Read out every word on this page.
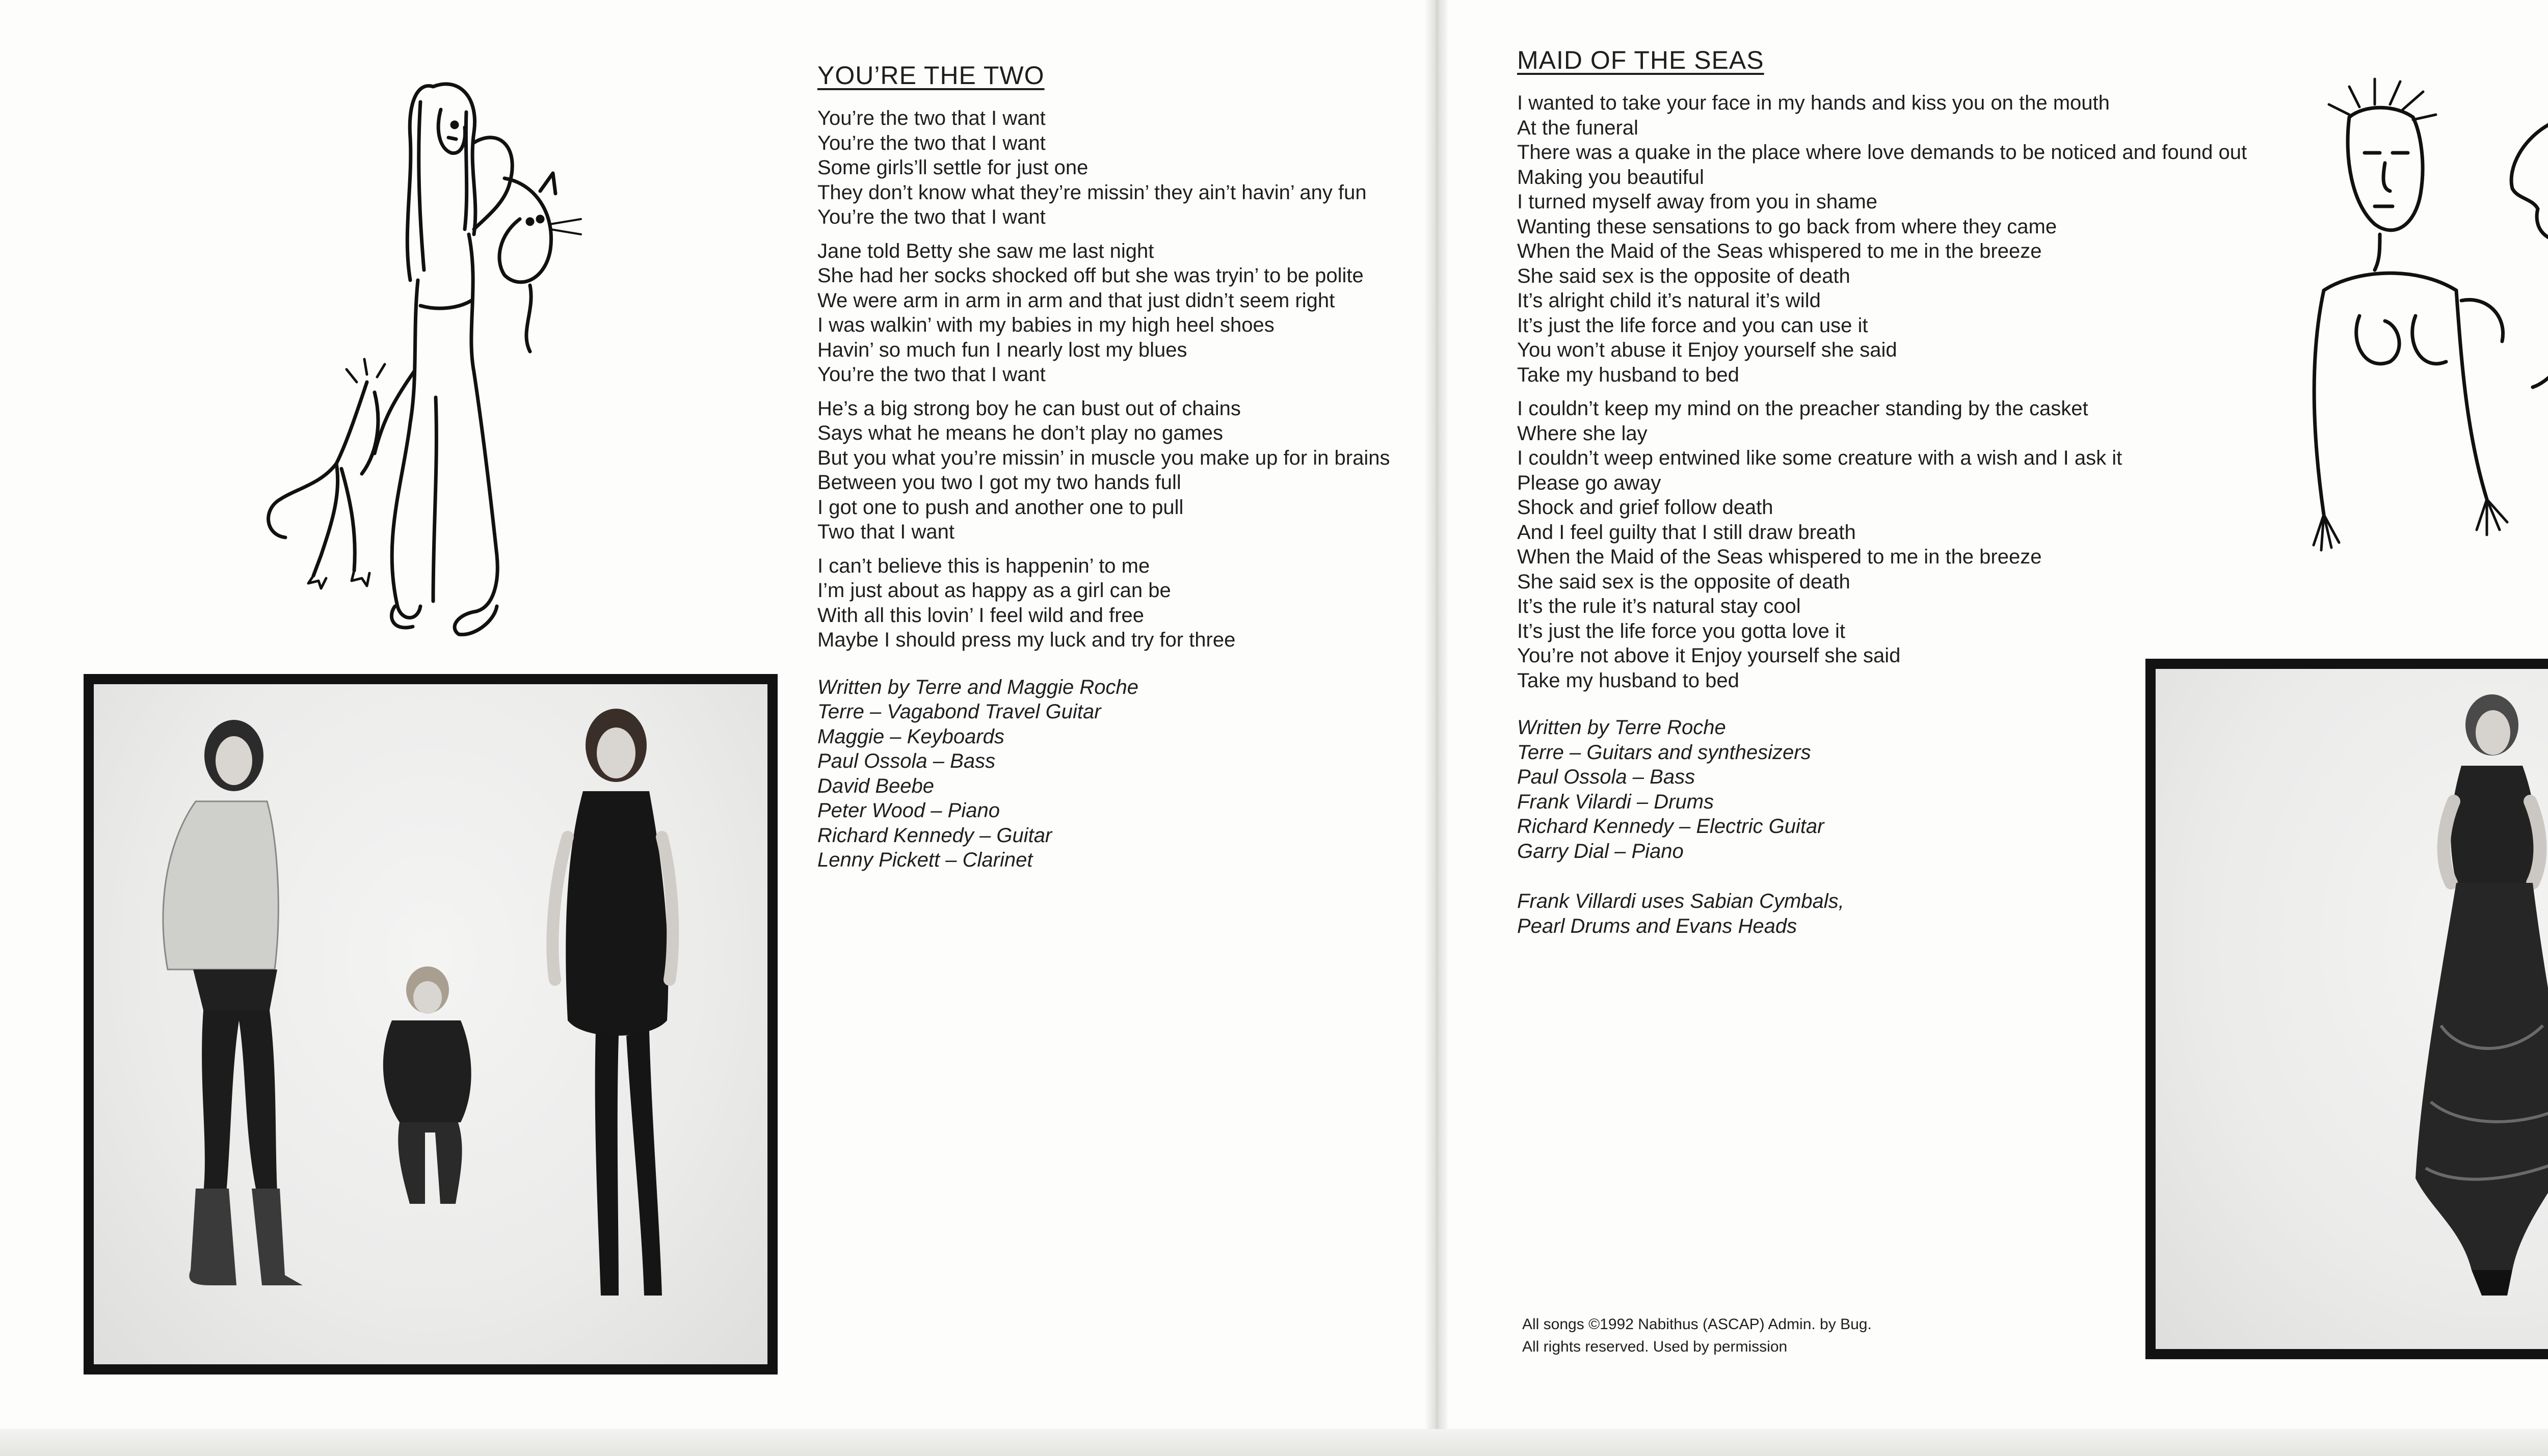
YOU’RE THE TWO
You’re the two that I want
You’re the two that I want
Some girls’ll settle for just one
They don’t know what they’re missin’ they ain’t havin’ any fun
You’re the two that I want
Jane told Betty she saw me last night
She had her socks shocked off but she was tryin’ to be polite
We were arm in arm in arm and that just didn’t seem right
I was walkin’ with my babies in my high heel shoes
Havin’ so much fun I nearly lost my blues
You’re the two that I want
He’s a big strong boy he can bust out of chains
Says what he means he don’t play no games
But you what you’re missin’ in muscle you make up for in brains
Between you two I got my two hands full
I got one to push and another one to pull
Two that I want
I can’t believe this is happenin’ to me
I’m just about as happy as a girl can be
With all this lovin’ I feel wild and free
Maybe I should press my luck and try for three
Written by Terre and Maggie Roche
Terre – Vagabond Travel Guitar
Maggie – Keyboards
Paul Ossola – Bass
David Beebe
Peter Wood – Piano
Richard Kennedy – Guitar
Lenny Pickett – Clarinet
MAID OF THE SEAS
I wanted to take your face in my hands and kiss you on the mouth
At the funeral
There was a quake in the place where love demands to be noticed and found out
Making you beautiful
I turned myself away from you in shame
Wanting these sensations to go back from where they came
When the Maid of the Seas whispered to me in the breeze
She said sex is the opposite of death
It’s alright child it’s natural it’s wild
It’s just the life force and you can use it
You won’t abuse it Enjoy yourself she said
Take my husband to bed
I couldn’t keep my mind on the preacher standing by the casket
Where she lay
I couldn’t weep entwined like some creature with a wish and I ask it
Please go away
Shock and grief follow death
And I feel guilty that I still draw breath
When the Maid of the Seas whispered to me in the breeze
She said sex is the opposite of death
It’s the rule it’s natural stay cool
It’s just the life force you gotta love it
You’re not above it Enjoy yourself she said
Take my husband to bed
Written by Terre Roche
Terre – Guitars and synthesizers
Paul Ossola – Bass
Frank Vilardi – Drums
Richard Kennedy – Electric Guitar
Garry Dial – Piano
Frank Villardi uses Sabian Cymbals,
Pearl Drums and Evans Heads
All songs ©1992 Nabithus (ASCAP) Admin. by Bug.
All rights reserved. Used by permission
